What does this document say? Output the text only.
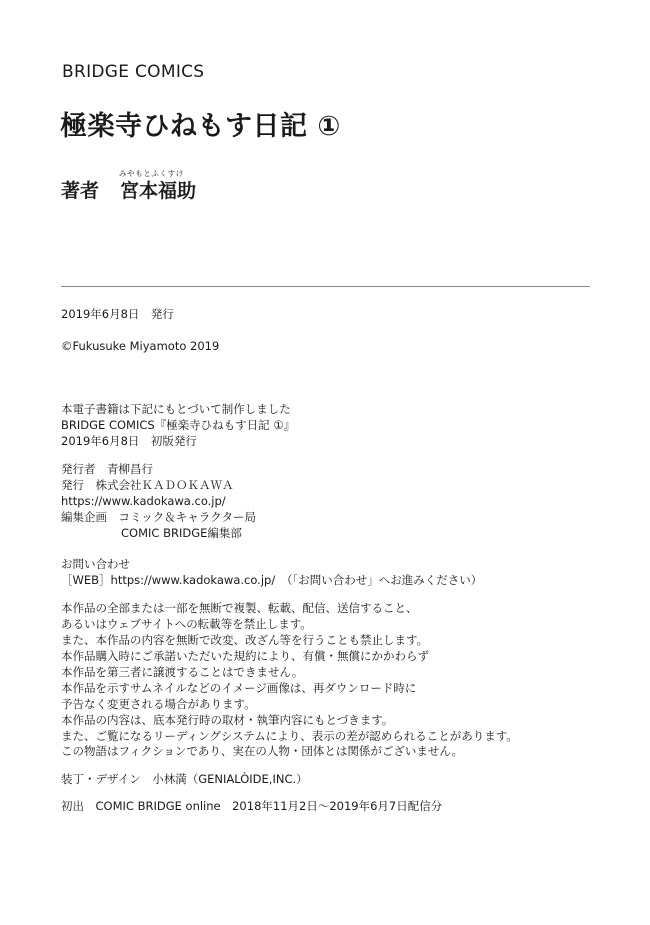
BRIDGE COMICS
極楽寺ひねもす日記 ①
みやもとふくすけ
著者 宮本福助
2019年6月8日　発行
©Fukusuke Miyamoto 2019
本電子書籍は下記にもとづいて制作しました
BRIDGE COMICS『極楽寺ひねもす日記 ①』
2019年6月8日　初版発行
発行者　青柳昌行
発行　株式会社ＫＡＤＯＫＡＷＡ
https://www.kadokawa.co.jp/
編集企画　コミック＆キャラクター局
COMIC BRIDGE編集部
お問い合わせ
［WEB］https://www.kadokawa.co.jp/　（「お問い合わせ」へお進みください）
本作品の全部または一部を無断で複製、転載、配信、送信すること、
あるいはウェブサイトへの転載等を禁止します。
また、本作品の内容を無断で改変、改ざん等を行うことも禁止します。
本作品購入時にご承諾いただいた規約により、有償・無償にかかわらず
本作品を第三者に譲渡することはできません。
本作品を示すサムネイルなどのイメージ画像は、再ダウンロード時に
予告なく変更される場合があります。
本作品の内容は、底本発行時の取材・執筆内容にもとづきます。
また、ご覧になるリーディングシステムにより、表示の差が認められることがあります。
この物語はフィクションであり、実在の人物・団体とは関係がございません。
装丁・デザイン　小林満（GENIALÒIDE,INC.）
初出　COMIC BRIDGE online　2018年11月2日〜2019年6月7日配信分
